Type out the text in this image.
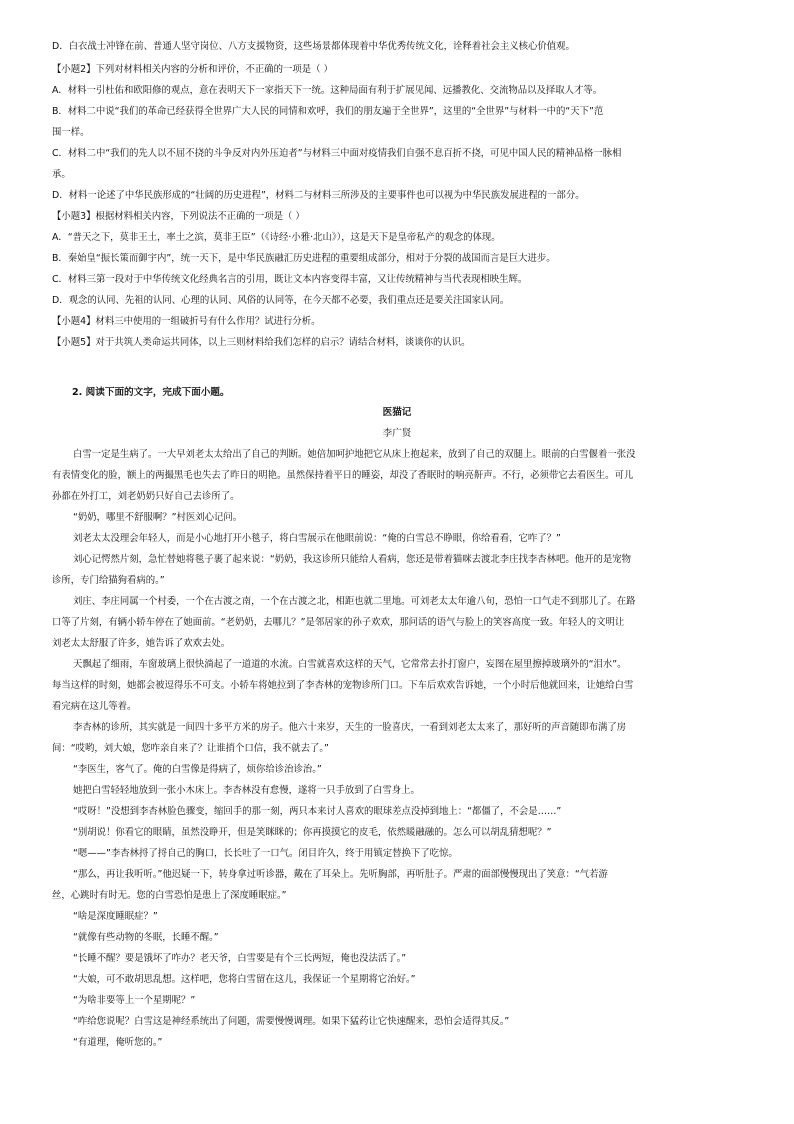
D．白衣战士冲锋在前、普通人坚守岗位、八方支援物资，这些场景都体现着中华优秀传统文化，诠释着社会主义核心价值观。
【小题2】下列对材料相关内容的分析和评价，不正确的一项是（ ）
A．材料一引杜佑和欧阳修的观点，意在表明天下一家指天下一统。这种局面有利于扩展见闻、远播教化、交流物品以及择取人才等。
B．材料二中说“我们的革命已经获得全世界广大人民的同情和欢呼，我们的朋友遍于全世界”，这里的“全世界”与材料一中的“天下”范
围一样。
C．材料二中“我们的先人以不屈不挠的斗争反对内外压迫者”与材料三中面对疫情我们自强不息百折不挠，可见中国人民的精神品格一脉相
承。
D．材料一论述了中华民族形成的“壮阔的历史进程”，材料二与材料三所涉及的主要事件也可以视为中华民族发展进程的一部分。
【小题3】根据材料相关内容，下列说法不正确的一项是（ ）
A．“普天之下，莫非王土，率土之滨，莫非王臣”（《诗经·小雅·北山》），这是天下是皇帝私产的观念的体现。
B．秦始皇“振长策而御宇内”，统一天下，是中华民族融汇历史进程的重要组成部分，相对于分裂的战国而言是巨大进步。
C．材料三第一段对于中华传统文化经典名言的引用，既让文本内容变得丰富，又让传统精神与当代表现相映生辉。
D．观念的认同、先祖的认同、心理的认同、风俗的认同等，在今天都不必要，我们重点还是要关注国家认同。
【小题4】材料三中使用的一组破折号有什么作用？试进行分析。
【小题5】对于共筑人类命运共同体，以上三则材料给我们怎样的启示？请结合材料，谈谈你的认识。
2. 阅读下面的文字，完成下面小题。
医猫记
李广贤
白雪一定是生病了。一大早刘老太太给出了自己的判断。她倍加呵护地把它从床上抱起来，放到了自己的双腿上。眼前的白雪偃着一张没
有表情变化的脸，额上的两撮黑毛也失去了昨日的明艳。虽然保持着平日的睡姿，却没了香眠时的响亮鼾声。不行，必须带它去看医生。可儿
孙都在外打工，刘老奶奶只好自己去诊所了。
“奶奶，哪里不舒服啊？”村医刘心记问。
刘老太太没理会年轻人，而是小心地打开小毯子，将白雪展示在他眼前说：“俺的白雪总不睁眼，你给看看，它咋了？”
刘心记愕然片刻，急忙替她将毯子裹了起来说：“奶奶，我这诊所只能给人看病，您还是带着猫咪去渡北李庄找李杏林吧。他开的是宠物
诊所，专门给猫狗看病的。”
刘庄、李庄同属一个村委，一个在古渡之南，一个在古渡之北，相距也就二里地。可刘老太太年逾八旬，恐怕一口气走不到那儿了。在路
口等了片刻，有辆小轿车停在了她面前。“老奶奶，去哪儿？”是邻居家的孙子欢欢，那问话的语气与脸上的笑容高度一致。年轻人的文明让
刘老太太舒服了许多，她告诉了欢欢去处。
天飘起了细雨，车窗玻璃上很快淌起了一道道的水流。白雪就喜欢这样的天气，它常常去扑打窗户，妄图在屋里擦掉玻璃外的“泪水”。
每当这样的时刻，她都会被逗得乐不可支。小轿车将她拉到了李杏林的宠物诊所门口。下车后欢欢告诉她，一个小时后他就回来，让她给白雪
看完病在这儿等着。
李杏林的诊所，其实就是一间四十多平方米的房子。他六十来岁，天生的一脸喜庆，一看到刘老太太来了，那好听的声音随即布满了房
间：“哎哟，刘大娘，您咋亲自来了？让谁捎个口信，我不就去了。”
“李医生，客气了。俺的白雪像是得病了，烦你给诊治诊治。”
她把白雪轻轻地放到一张小木床上。李杏林没有怠慢，遂将一只手放到了白雪身上。
“哎呀！”没想到李杏林脸色骤变，缩回手的那一刻，两只本来讨人喜欢的眼球差点没掉到地上：“都僵了，不会是……”
“别胡说！你看它的眼睛，虽然没睁开，但是笑眯眯的；你再摸摸它的皮毛，依然暖融融的。怎么可以胡乱猜想呢？”
“嗯——”李杏林捋了捋自己的胸口，长长吐了一口气。闭目许久，终于用镇定替换下了吃惊。
“那么，再让我听听。”他迟疑一下，转身拿过听诊器，戴在了耳朵上。先听胸部，再听肚子。严肃的面部慢慢现出了笑意：“气若游
丝，心跳时有时无。您的白雪恐怕是患上了深度睡眠症。”
“啥是深度睡眠症？”
“就像有些动物的冬眠，长睡不醒。”
“长睡不醒？要是饿坏了咋办？老天爷，白雪要是有个三长两短，俺也没法活了。”
“大娘，可不敢胡思乱想。这样吧，您将白雪留在这儿，我保证一个星期将它治好。”
“为啥非要等上一个星期呢？”
“咋给您说呢？白雪这是神经系统出了问题，需要慢慢调理。如果下猛药让它快速醒来，恐怕会适得其反。”
“有道理，俺听您的。”
